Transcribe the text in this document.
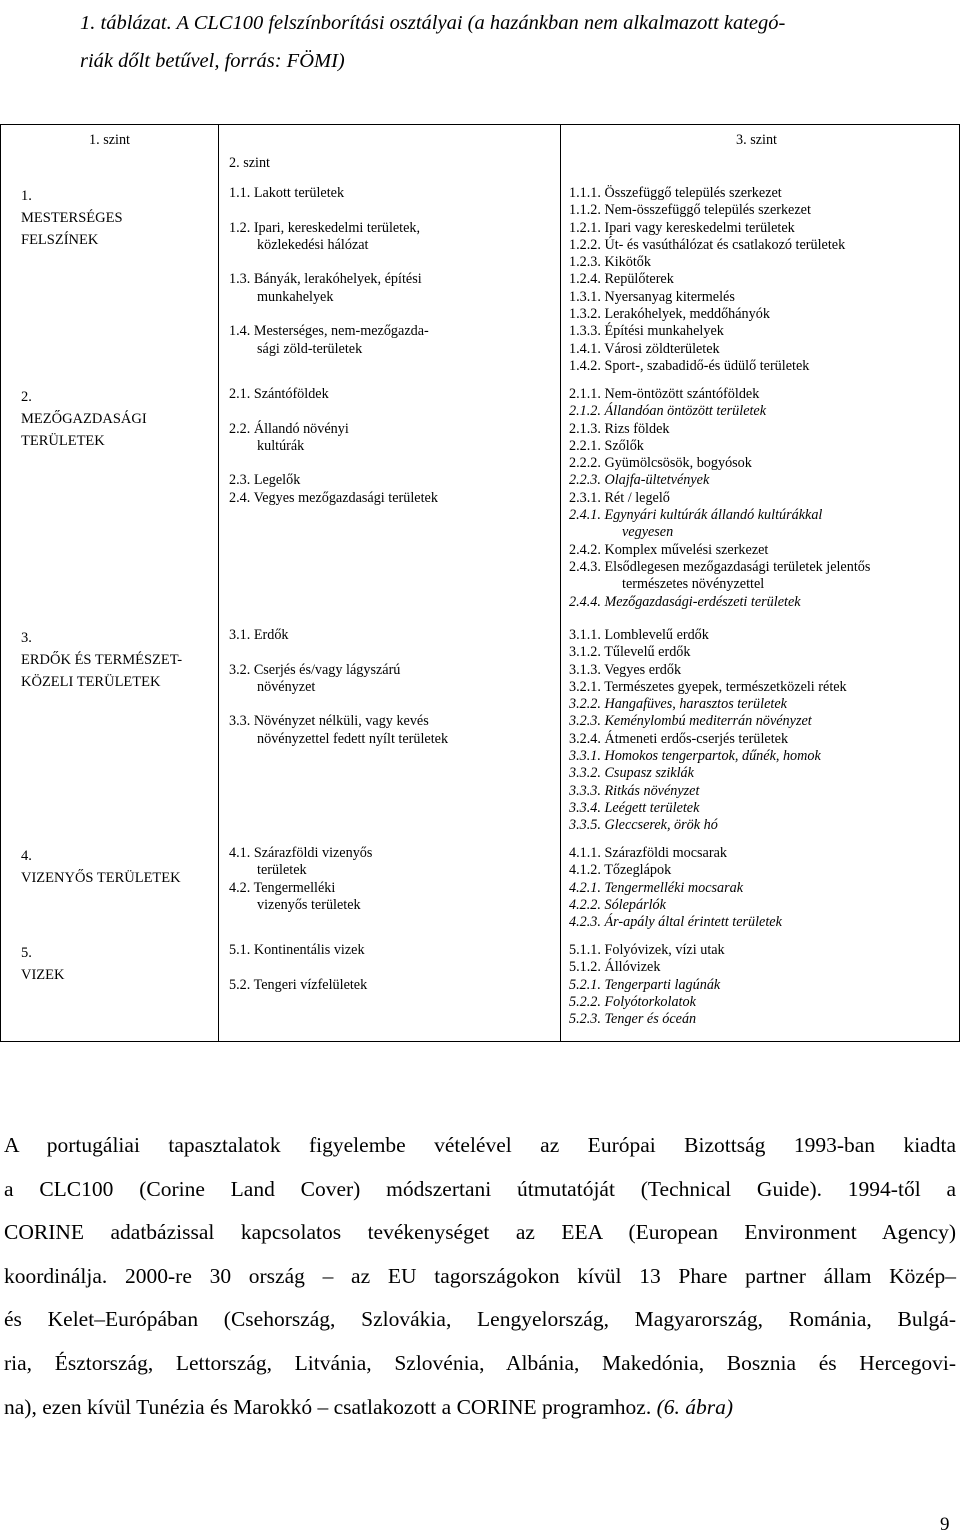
1. táblázat. A CLC100 felszínborítási osztályai (a hazánkban nem alkalmazott kategó-
riák dőlt betűvel, forrás: FÖMI)
1. szint
2. szint
3. szint
1.
MESTERSÉGES
FELSZÍNEK
1.1. Lakott területek
1.2. Ipari, kereskedelmi területek,
közlekedési hálózat
1.3. Bányák, lerakóhelyek, építési
munkahelyek
1.4. Mesterséges, nem-mezőgazda-
sági zöld-területek
1.1.1. Összefüggő település szerkezet
1.1.2. Nem-összefüggő település szerkezet
1.2.1. Ipari vagy kereskedelmi területek
1.2.2. Út- és vasúthálózat és csatlakozó területek
1.2.3. Kikötők
1.2.4. Repülőterek
1.3.1. Nyersanyag kitermelés
1.3.2. Lerakóhelyek, meddőhányók
1.3.3. Építési munkahelyek
1.4.1. Városi zöldterületek
1.4.2. Sport-, szabadidő-és üdülő területek
2.
MEZŐGAZDASÁGI
TERÜLETEK
2.1. Szántóföldek
2.2. Állandó növényi
kultúrák
2.3. Legelők
2.4. Vegyes mezőgazdasági területek
2.1.1. Nem-öntözött szántóföldek
2.1.2. Állandóan öntözött területek
2.1.3. Rizs földek
2.2.1. Szőlők
2.2.2. Gyümölcsösök, bogyósok
2.2.3. Olajfa-ültetvények
2.3.1. Rét / legelő
2.4.1. Egynyári kultúrák állandó kultúrákkal
vegyesen
2.4.2. Komplex művelési szerkezet
2.4.3. Elsődlegesen mezőgazdasági területek jelentős
természetes növényzettel
2.4.4. Mezőgazdasági-erdészeti területek
3.
ERDŐK ÉS TERMÉSZET-
KÖZELI TERÜLETEK
3.1. Erdők
3.2. Cserjés és/vagy lágyszárú
növényzet
3.3. Növényzet nélküli, vagy kevés
növényzettel fedett nyílt területek
3.1.1. Lomblevelű erdők
3.1.2. Tűlevelű erdők
3.1.3. Vegyes erdők
3.2.1. Természetes gyepek, természetközeli rétek
3.2.2. Hangafüves, harasztos területek
3.2.3. Keménylombú mediterrán növényzet
3.2.4. Átmeneti erdős-cserjés területek
3.3.1. Homokos tengerpartok, dűnék, homok
3.3.2. Csupasz sziklák
3.3.3. Ritkás növényzet
3.3.4. Leégett területek
3.3.5. Gleccserek, örök hó
4.
VIZENYŐS TERÜLETEK
4.1. Szárazföldi vizenyős
területek
4.2. Tengermelléki
vizenyős területek
4.1.1. Szárazföldi mocsarak
4.1.2. Tőzeglápok
4.2.1. Tengermelléki mocsarak
4.2.2. Sólepárlók
4.2.3. Ár-apály által érintett területek
5.
VIZEK
5.1. Kontinentális vizek
5.2. Tengeri vízfelületek
5.1.1. Folyóvizek, vízi utak
5.1.2. Állóvizek
5.2.1. Tengerparti lagúnák
5.2.2. Folyótorkolatok
5.2.3. Tenger és óceán
A portugáliai tapasztalatok figyelembe vételével az Európai Bizottság 1993-ban kiadta
a CLC100 (Corine Land Cover) módszertani útmutatóját (Technical Guide). 1994-től a
CORINE adatbázissal kapcsolatos tevékenységet az EEA (European Environment Agency)
koordinálja. 2000-re 30 ország – az EU tagországokon kívül 13 Phare partner állam Közép–
és Kelet–Európában (Csehország, Szlovákia, Lengyelország, Magyarország, Románia, Bulgá-
ria, Észtország, Lettország, Litvánia, Szlovénia, Albánia, Makedónia, Bosznia és Hercegovi-
na), ezen kívül Tunézia és Marokkó – csatlakozott a CORINE programhoz. (6. ábra)
9
